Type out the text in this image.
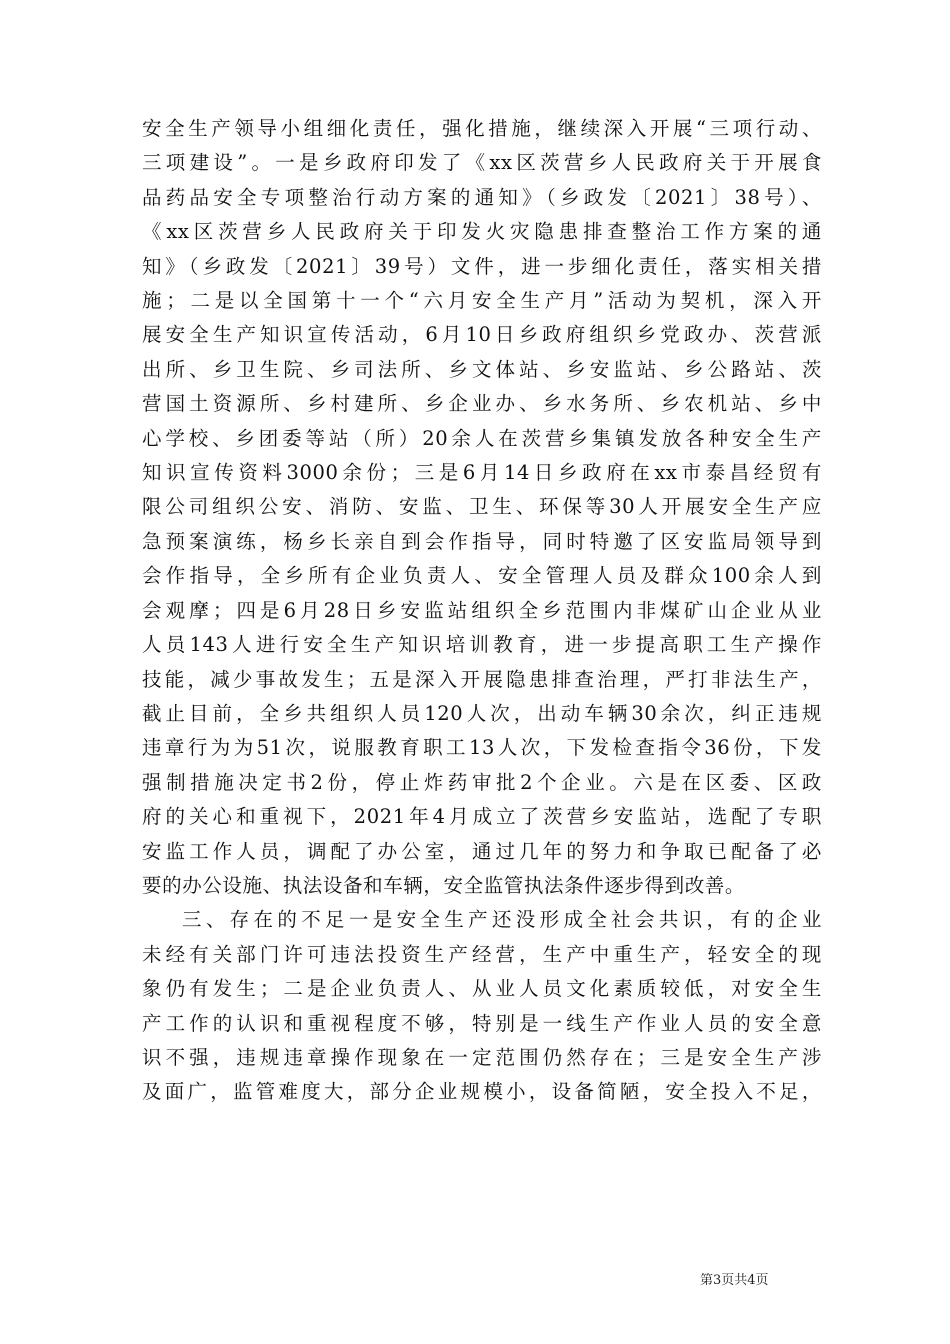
安全生产领导小组细化责任，强化措施，继续深入开展“三项行动、
三项建设”。一是乡政府印发了《xx区茨营乡人民政府关于开展食
品药品安全专项整治行动方案的通知》（乡政发〔2021〕38号）、
《xx区茨营乡人民政府关于印发火灾隐患排查整治工作方案的通
知》（乡政发〔2021〕39号）文件，进一步细化责任，落实相关措
施；二是以全国第十一个“六月安全生产月”活动为契机，深入开
展安全生产知识宣传活动，6月10日乡政府组织乡党政办、茨营派
出所、乡卫生院、乡司法所、乡文体站、乡安监站、乡公路站、茨
营国土资源所、乡村建所、乡企业办、乡水务所、乡农机站、乡中
心学校、乡团委等站（所）20余人在茨营乡集镇发放各种安全生产
知识宣传资料3000余份；三是6月14日乡政府在xx市泰昌经贸有
限公司组织公安、消防、安监、卫生、环保等30人开展安全生产应
急预案演练，杨乡长亲自到会作指导，同时特邀了区安监局领导到
会作指导，全乡所有企业负责人、安全管理人员及群众100余人到
会观摩；四是6月28日乡安监站组织全乡范围内非煤矿山企业从业
人员143人进行安全生产知识培训教育，进一步提高职工生产操作
技能，减少事故发生；五是深入开展隐患排查治理，严打非法生产，
截止目前，全乡共组织人员120人次，出动车辆30余次，纠正违规
违章行为为51次，说服教育职工13人次，下发检查指令36份，下发
强制措施决定书2份，停止炸药审批2个企业。六是在区委、区政
府的关心和重视下，2021年4月成立了茨营乡安监站，选配了专职
安监工作人员，调配了办公室，通过几年的努力和争取已配备了必
要的办公设施、执法设备和车辆，安全监管执法条件逐步得到改善。
三、存在的不足一是安全生产还没形成全社会共识，有的企业
未经有关部门许可违法投资生产经营，生产中重生产，轻安全的现
象仍有发生；二是企业负责人、从业人员文化素质较低，对安全生
产工作的认识和重视程度不够，特别是一线生产作业人员的安全意
识不强，违规违章操作现象在一定范围仍然存在；三是安全生产涉
及面广，监管难度大，部分企业规模小，设备简陋，安全投入不足，
第3页共4页
